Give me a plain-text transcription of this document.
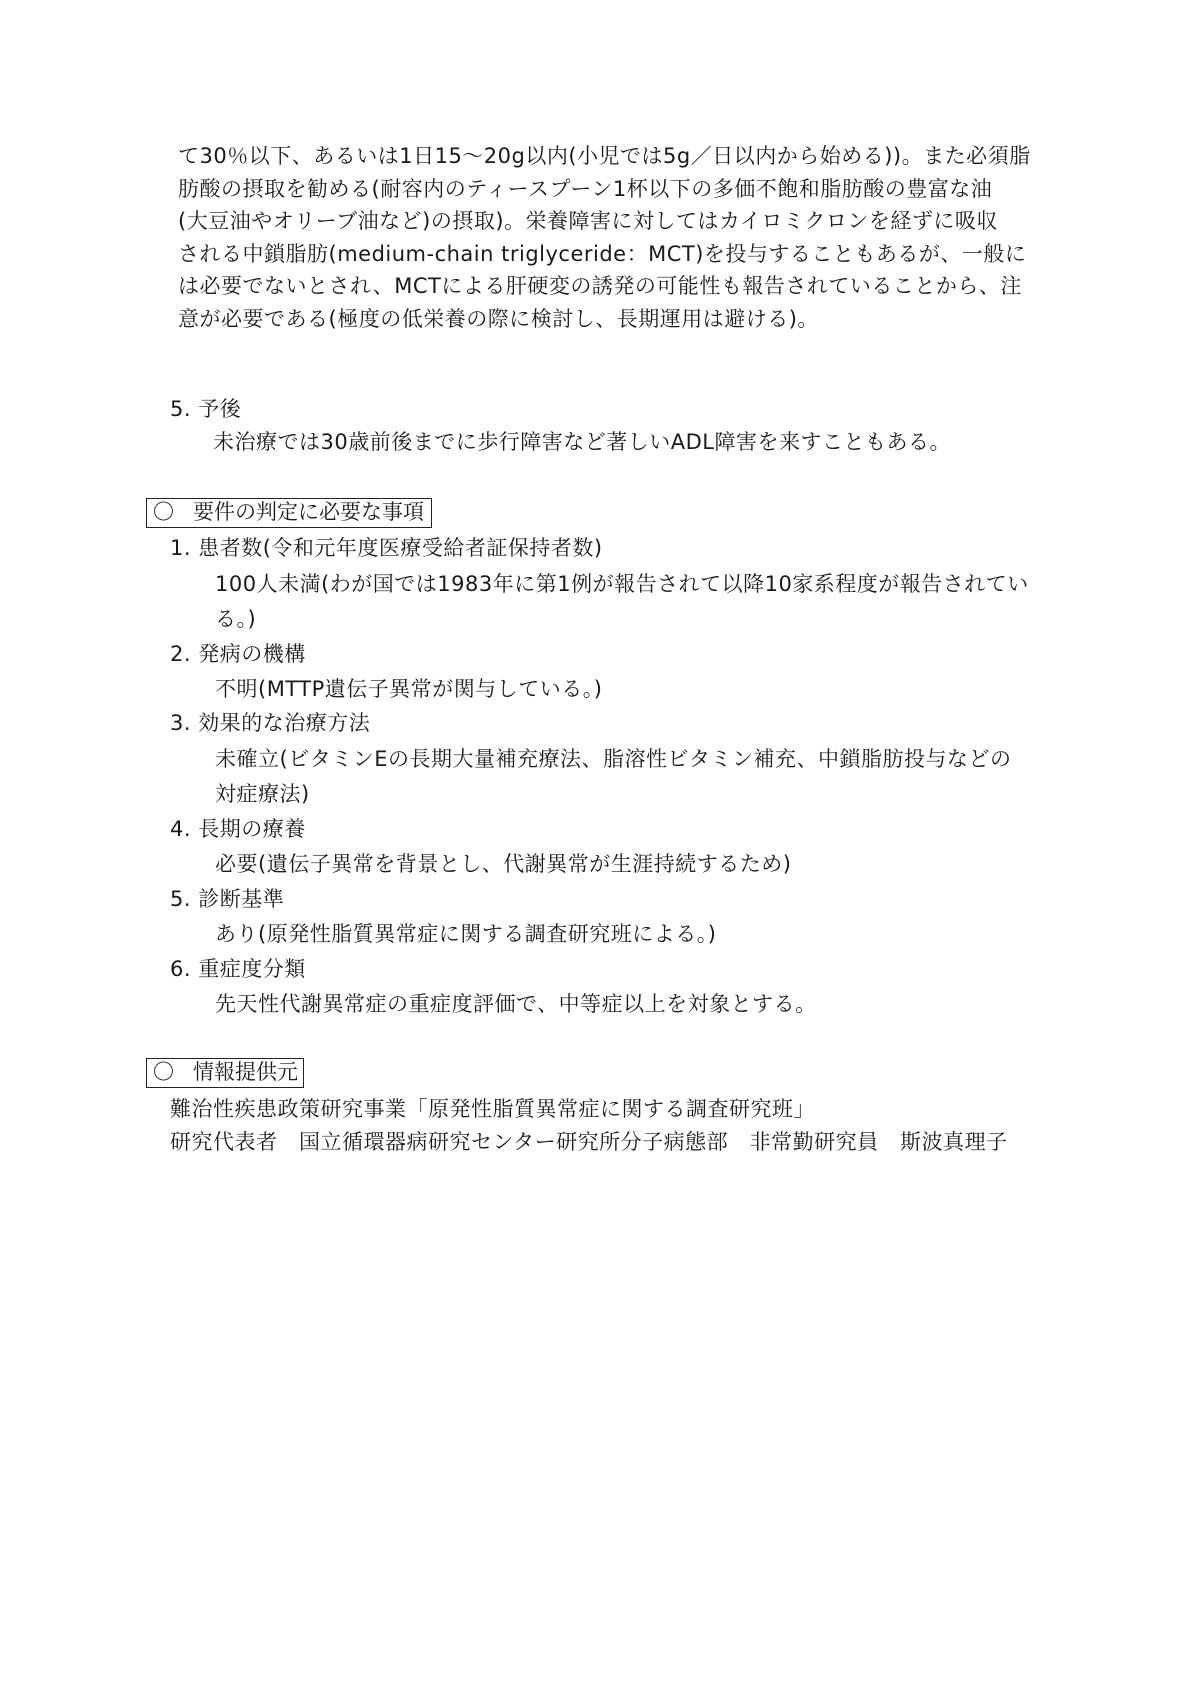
て30％以下、あるいは1日15～20g以内(小児では5g／日以内から始める))。また必須脂
肪酸の摂取を勧める(耐容内のティースプーン1杯以下の多価不飽和脂肪酸の豊富な油
(大豆油やオリーブ油など)の摂取)。栄養障害に対してはカイロミクロンを経ずに吸収
される中鎖脂肪(medium-chain triglyceride：MCT)を投与することもあるが、一般に
は必要でないとされ、MCTによる肝硬変の誘発の可能性も報告されていることから、注
意が必要である(極度の低栄養の際に検討し、長期運用は避ける)。
5. 予後
未治療では30歳前後までに歩行障害など著しいADL障害を来すこともある。
〇 要件の判定に必要な事項
1. 患者数(令和元年度医療受給者証保持者数)
100人未満(わが国では1983年に第1例が報告されて以降10家系程度が報告されてい
る。)
2. 発病の機構
不明(MTTP遺伝子異常が関与している。)
3. 効果的な治療方法
未確立(ビタミンEの長期大量補充療法、脂溶性ビタミン補充、中鎖脂肪投与などの
対症療法)
4. 長期の療養
必要(遺伝子異常を背景とし、代謝異常が生涯持続するため)
5. 診断基準
あり(原発性脂質異常症に関する調査研究班による。)
6. 重症度分類
先天性代謝異常症の重症度評価で、中等症以上を対象とする。
〇 情報提供元
難治性疾患政策研究事業「原発性脂質異常症に関する調査研究班」
研究代表者　国立循環器病研究センター研究所分子病態部　非常勤研究員　斯波真理子
